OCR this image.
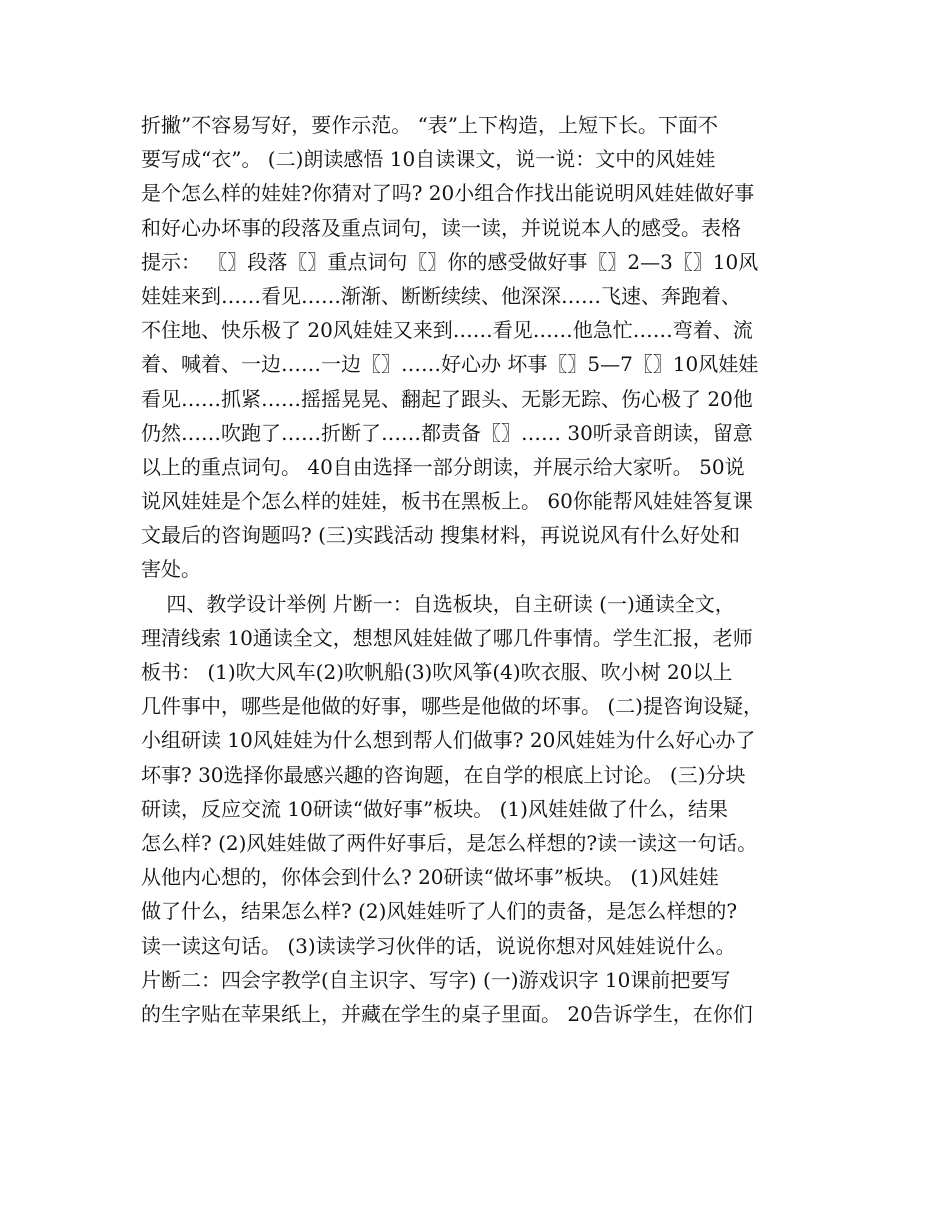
折撇”不容易写好，要作示范。 “表”上下构造，上短下长。下面不

要写成“衣”。 (二)朗读感悟 10自读课文，说一说：文中的风娃娃

是个怎么样的娃娃?你猜对了吗? 20小组合作找出能说明风娃娃做好事

和好心办坏事的段落及重点词句，读一读，并说说本人的感受。表格

提示： 〖〗段落〖〗重点词句〖〗你的感受做好事〖〗2—3〖〗10风

娃娃来到……看见……渐渐、断断续续、他深深……飞速、奔跑着、

不住地、快乐极了 20风娃娃又来到……看见……他急忙……弯着、流

着、喊着、一边……一边〖〗……好心办 坏事〖〗5—7〖〗10风娃娃

看见……抓紧……摇摇晃晃、翻起了跟头、无影无踪、伤心极了 20他

仍然……吹跑了……折断了……都责备〖〗…… 30听录音朗读，留意

以上的重点词句。 40自由选择一部分朗读，并展示给大家听。 50说

说风娃娃是个怎么样的娃娃，板书在黑板上。 60你能帮风娃娃答复课

文最后的咨询题吗? (三)实践活动 搜集材料，再说说风有什么好处和

害处。

四、教学设计举例 片断一：自选板块，自主研读 (一)通读全文，

理清线索 10通读全文，想想风娃娃做了哪几件事情。学生汇报，老师

板书： (1)吹大风车(2)吹帆船(3)吹风筝(4)吹衣服、吹小树 20以上

几件事中，哪些是他做的好事，哪些是他做的坏事。 (二)提咨询设疑，

小组研读 10风娃娃为什么想到帮人们做事? 20风娃娃为什么好心办了

坏事? 30选择你最感兴趣的咨询题，在自学的根底上讨论。 (三)分块

研读，反应交流 10研读“做好事”板块。 (1)风娃娃做了什么，结果

怎么样? (2)风娃娃做了两件好事后，是怎么样想的?读一读这一句话。

从他内心想的，你体会到什么? 20研读“做坏事”板块。 (1)风娃娃

做了什么，结果怎么样? (2)风娃娃听了人们的责备，是怎么样想的?

读一读这句话。 (3)读读学习伙伴的话，说说你想对风娃娃说什么。

片断二：四会字教学(自主识字、写字) (一)游戏识字 10课前把要写

的生字贴在苹果纸上，并藏在学生的桌子里面。 20告诉学生，在你们
